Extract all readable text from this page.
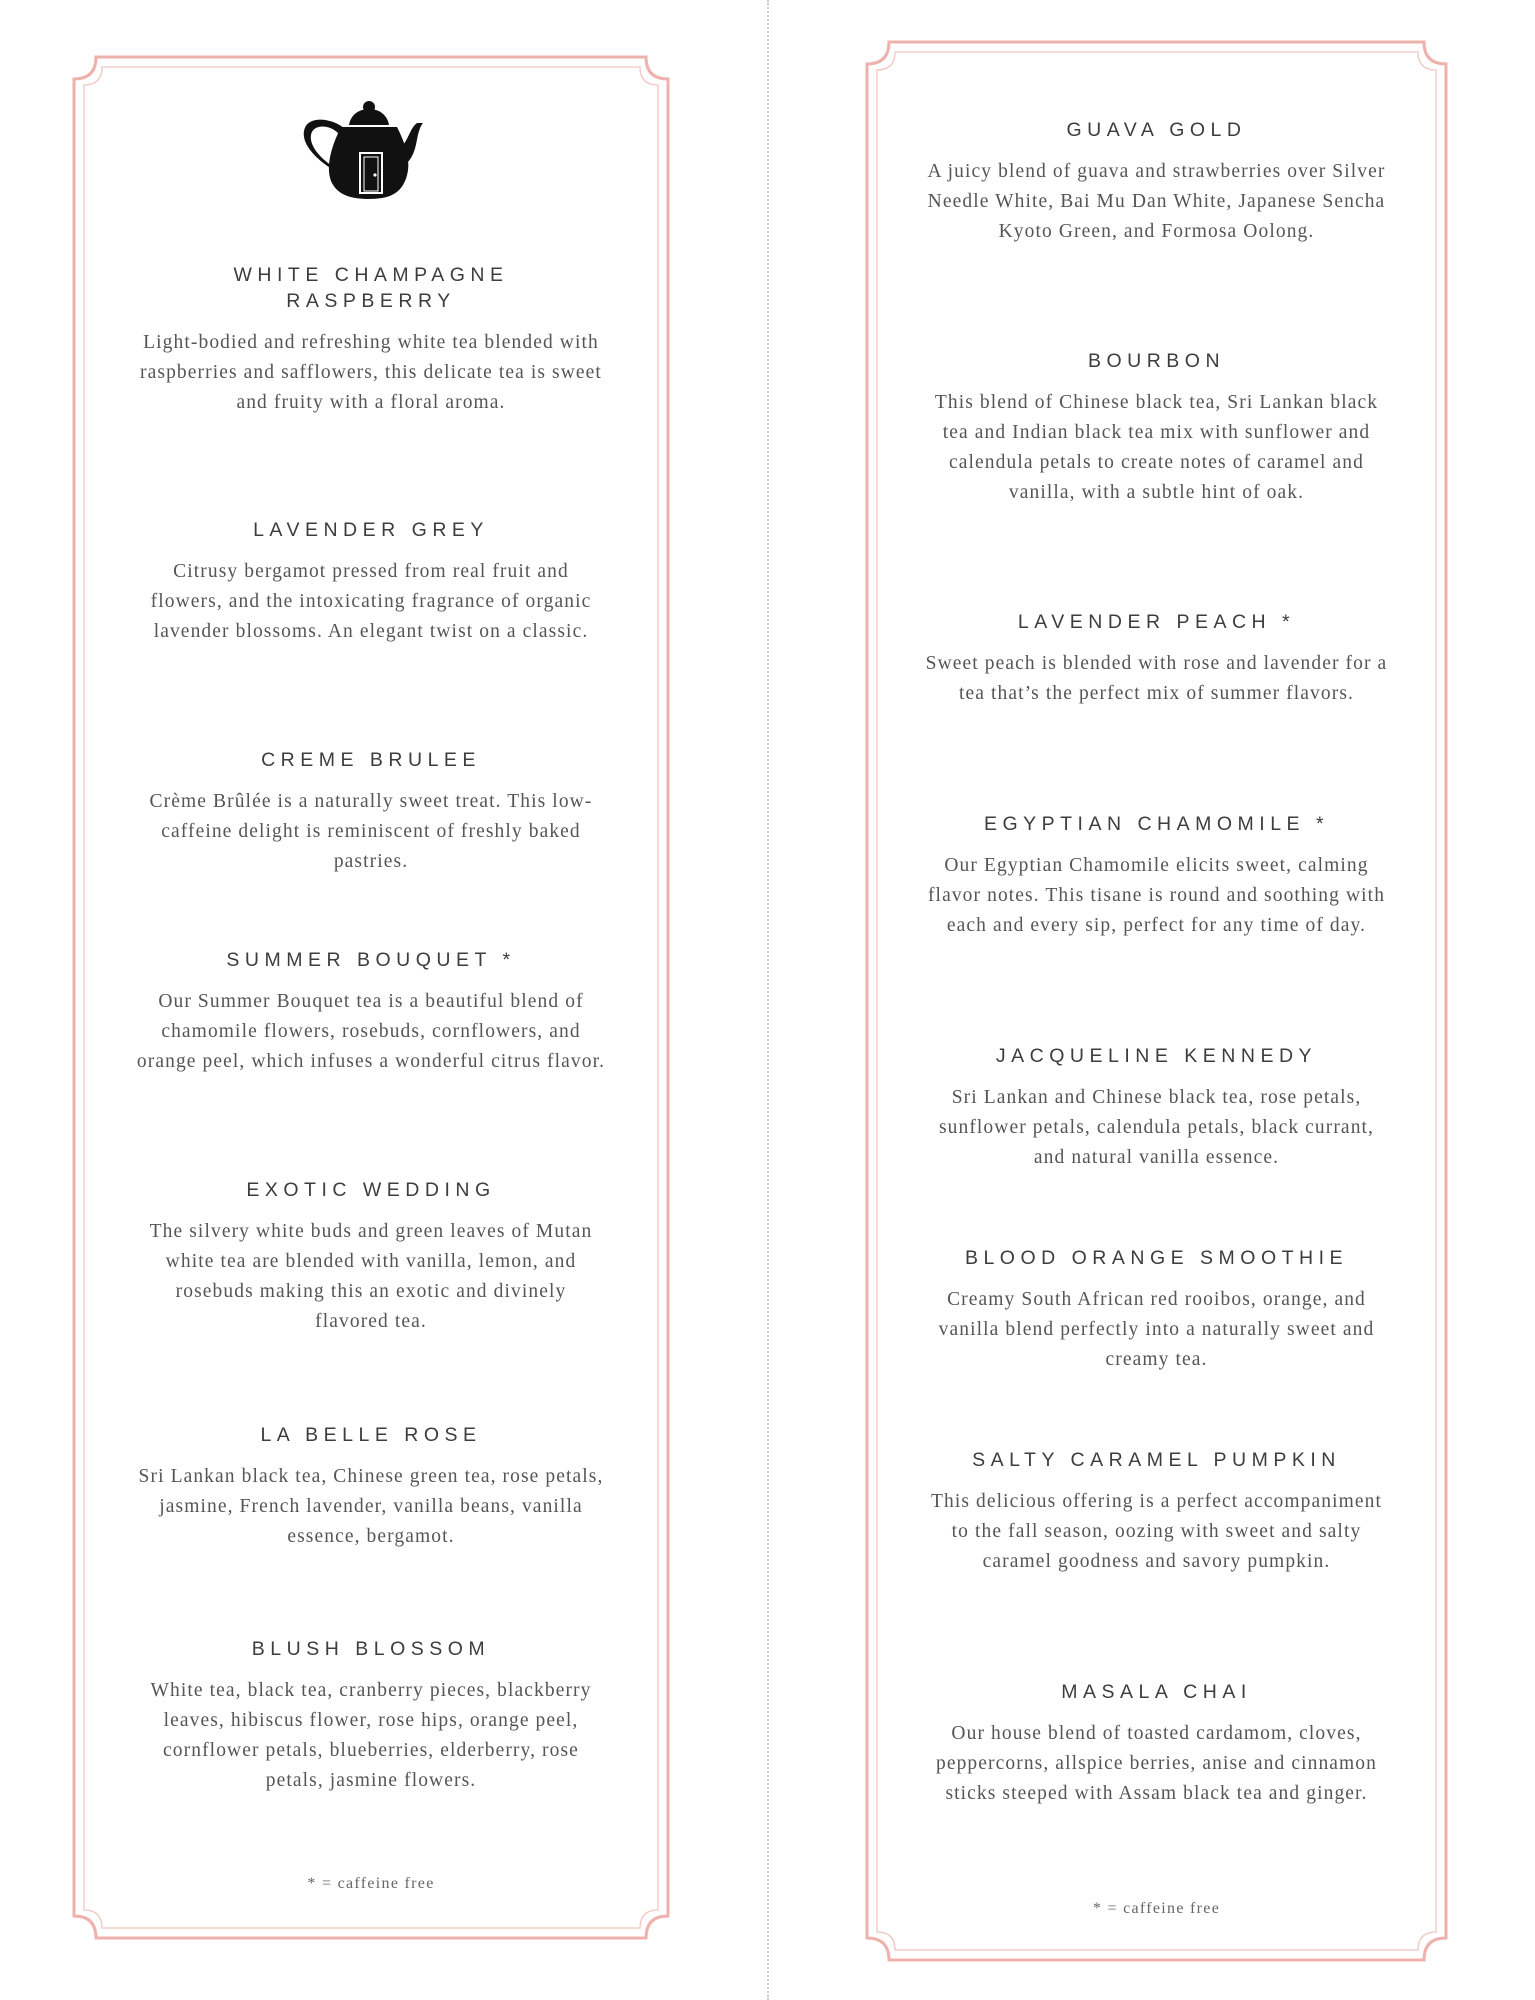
WHITE CHAMPAGNE
RASPBERRY

Light-bodied and refreshing white tea blended with raspberries and safflowers, this delicate tea is sweet and fruity with a floral aroma.

LAVENDER GREY

Citrusy bergamot pressed from real fruit and flowers, and the intoxicating fragrance of organic lavender blossoms. An elegant twist on a classic.

CREME BRULEE

Crème Brûlée is a naturally sweet treat. This low-caffeine delight is reminiscent of freshly baked pastries.

SUMMER BOUQUET *

Our Summer Bouquet tea is a beautiful blend of chamomile flowers, rosebuds, cornflowers, and orange peel, which infuses a wonderful citrus flavor.

EXOTIC WEDDING

The silvery white buds and green leaves of Mutan white tea are blended with vanilla, lemon, and rosebuds making this an exotic and divinely flavored tea.

LA BELLE ROSE

Sri Lankan black tea, Chinese green tea, rose petals, jasmine, French lavender, vanilla beans, vanilla essence, bergamot.

BLUSH BLOSSOM

White tea, black tea, cranberry pieces, blackberry leaves, hibiscus flower, rose hips, orange peel, cornflower petals, blueberries, elderberry, rose petals, jasmine flowers.

* = caffeine free
GUAVA GOLD

A juicy blend of guava and strawberries over Silver Needle White, Bai Mu Dan White, Japanese Sencha Kyoto Green, and Formosa Oolong.

BOURBON

This blend of Chinese black tea, Sri Lankan black tea and Indian black tea mix with sunflower and calendula petals to create notes of caramel and vanilla, with a subtle hint of oak.

LAVENDER PEACH *

Sweet peach is blended with rose and lavender for a tea that’s the perfect mix of summer flavors.

EGYPTIAN CHAMOMILE *

Our Egyptian Chamomile elicits sweet, calming flavor notes. This tisane is round and soothing with each and every sip, perfect for any time of day.

JACQUELINE KENNEDY

Sri Lankan and Chinese black tea, rose petals, sunflower petals, calendula petals, black currant, and natural vanilla essence.

BLOOD ORANGE SMOOTHIE

Creamy South African red rooibos, orange, and vanilla blend perfectly into a naturally sweet and creamy tea.

SALTY CARAMEL PUMPKIN

This delicious offering is a perfect accompaniment to the fall season, oozing with sweet and salty caramel goodness and savory pumpkin.

MASALA CHAI

Our house blend of toasted cardamom, cloves, peppercorns, allspice berries, anise and cinnamon sticks steeped with Assam black tea and ginger.

* = caffeine free
